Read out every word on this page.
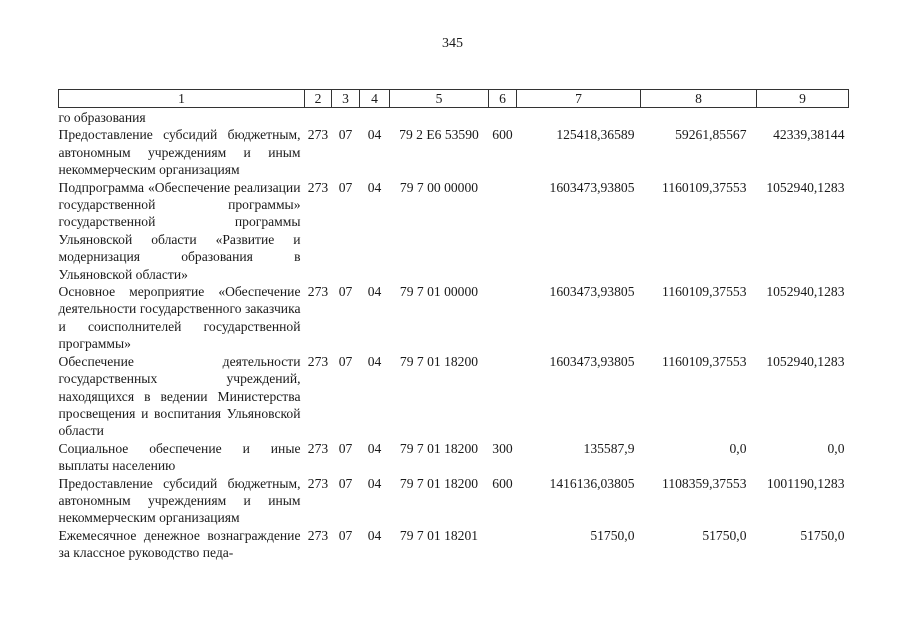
345
1	2	3	4	5	6	7	8	9
го образования								
Предоставление субсидий бюджетным, автономным учреждениям и иным некоммерческим организациям	273	07	04	79 2 Е6 53590	600	125418,36589	59261,85567	42339,38144
Подпрограмма «Обеспечение реализации государственной программы» государственной программы Ульяновской области «Развитие и модернизация образования в Ульяновской области»	273	07	04	79 7 00 00000		1603473,93805	1160109,37553	1052940,1283
Основное мероприятие «Обеспечение деятельности государственного заказчика и соисполнителей государственной программы»	273	07	04	79 7 01 00000		1603473,93805	1160109,37553	1052940,1283
Обеспечение деятельности государственных учреждений, находящихся в ведении Министерства просвещения и воспитания Ульяновской области	273	07	04	79 7 01 18200		1603473,93805	1160109,37553	1052940,1283
Социальное обеспечение и иные выплаты населению	273	07	04	79 7 01 18200	300	135587,9	0,0	0,0
Предоставление субсидий бюджетным, автономным учреждениям и иным некоммерческим организациям	273	07	04	79 7 01 18200	600	1416136,03805	1108359,37553	1001190,1283
Ежемесячное денежное вознаграждение за классное руководство педа-	273	07	04	79 7 01 18201		51750,0	51750,0	51750,0
